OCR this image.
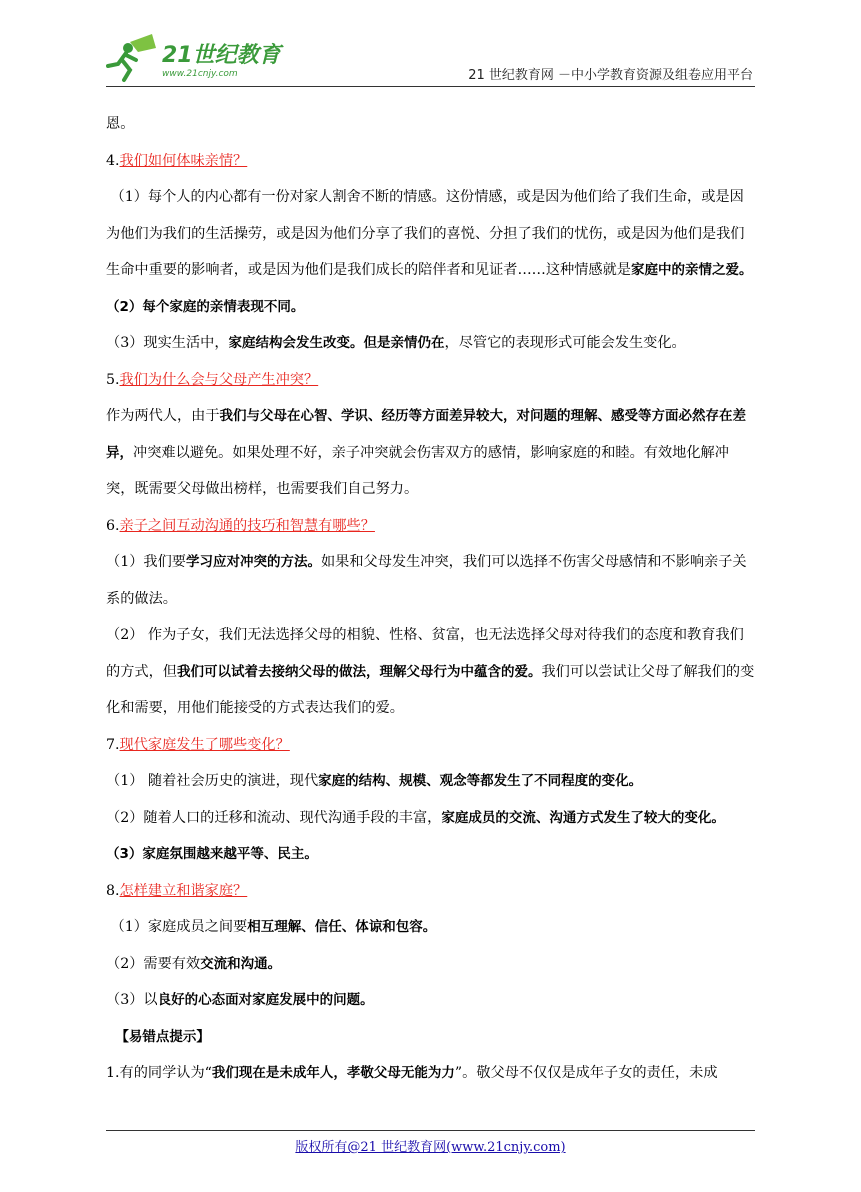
21世纪教育
www.21cnjy.com	21 世纪教育网 －中小学教育资源及组卷应用平台

恩。

4.我们如何体味亲情？

（1）每个人的内心都有一份对家人割舍不断的情感。这份情感，或是因为他们给了我们生命，或是因为他们为我们的生活操劳，或是因为他们分享了我们的喜悦、分担了我们的忧伤，或是因为他们是我们生命中重要的影响者，或是因为他们是我们成长的陪伴者和见证者……这种情感就是家庭中的亲情之爱。

（2）每个家庭的亲情表现不同。

（3）现实生活中，家庭结构会发生改变。但是亲情仍在，尽管它的表现形式可能会发生变化。

5.我们为什么会与父母产生冲突？

作为两代人，由于我们与父母在心智、学识、经历等方面差异较大，对问题的理解、感受等方面必然存在差异，冲突难以避免。如果处理不好，亲子冲突就会伤害双方的感情，影响家庭的和睦。有效地化解冲突，既需要父母做出榜样，也需要我们自己努力。

6.亲子之间互动沟通的技巧和智慧有哪些？

（1）我们要学习应对冲突的方法。如果和父母发生冲突，我们可以选择不伤害父母感情和不影响亲子关系的做法。

（2） 作为子女，我们无法选择父母的相貌、性格、贫富，也无法选择父母对待我们的态度和教育我们的方式，但我们可以试着去接纳父母的做法，理解父母行为中蕴含的爱。我们可以尝试让父母了解我们的变化和需要，用他们能接受的方式表达我们的爱。

7.现代家庭发生了哪些变化？

（1） 随着社会历史的演进，现代家庭的结构、规模、观念等都发生了不同程度的变化。

（2）随着人口的迁移和流动、现代沟通手段的丰富，家庭成员的交流、沟通方式发生了较大的变化。

（3）家庭氛围越来越平等、民主。

8.怎样建立和谐家庭？

（1）家庭成员之间要相互理解、信任、体谅和包容。

（2）需要有效交流和沟通。

（3）以良好的心态面对家庭发展中的问题。

【易错点提示】

1.有的同学认为“我们现在是未成年人，孝敬父母无能为力”。敬父母不仅仅是成年子女的责任，未成

版权所有@21 世纪教育网(www.21cnjy.com)
